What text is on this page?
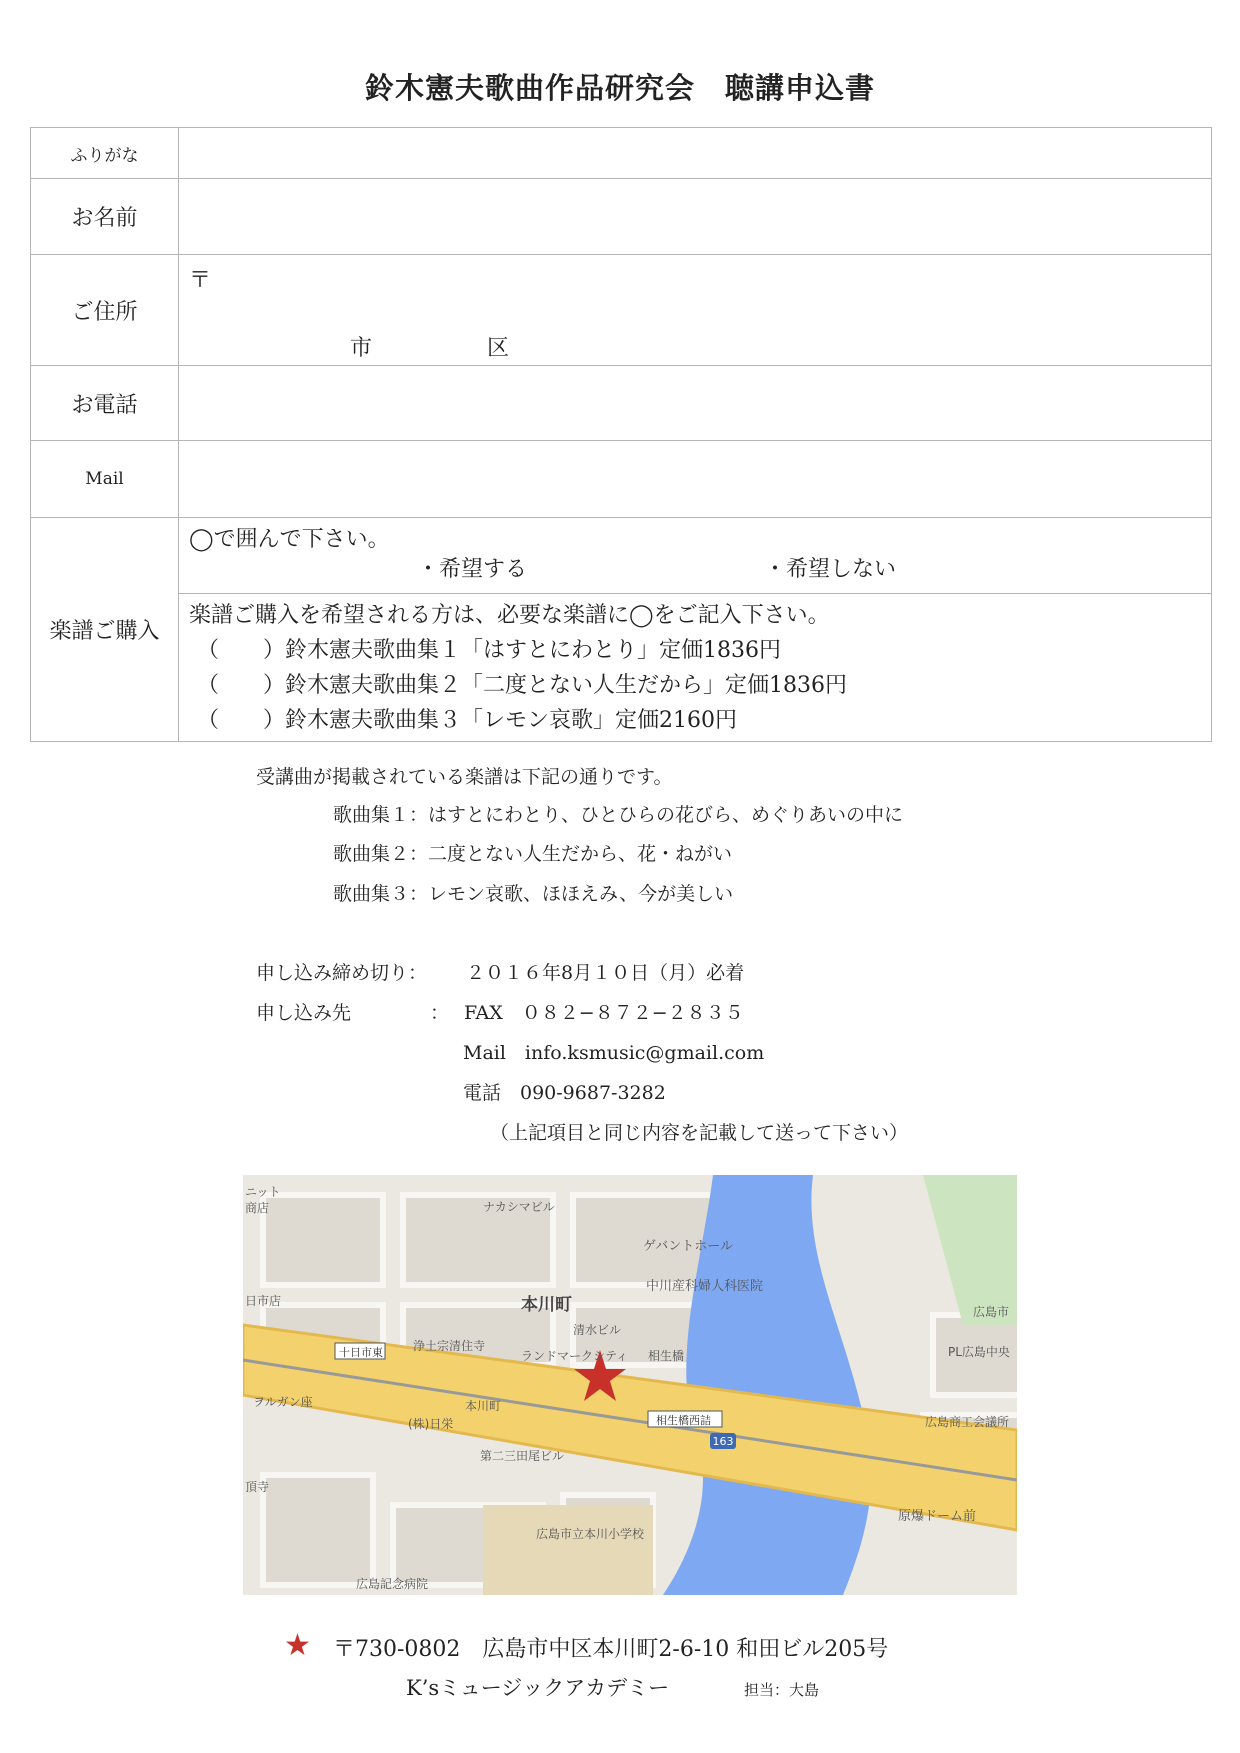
鈴木憲夫歌曲作品研究会　聴講申込書
ふりがな	
お名前	
ご住所	〒
市 区

お電話	
Mail	
楽譜ご購入	◯で囲んで下さい。
・希望する ・希望しない

	楽譜ご購入を希望される方は、必要な楽譜に◯をご記入下さい。
（　　）鈴木憲夫歌曲集１「はすとにわとり」定価1836円
（　　）鈴木憲夫歌曲集２「二度とない人生だから」定価1836円
（　　）鈴木憲夫歌曲集３「レモン哀歌」定価2160円
受講曲が掲載されている楽譜は下記の通りです。
歌曲集１：はすとにわとり、ひとひらの花びら、めぐりあいの中に
歌曲集２：二度とない人生だから、花・ねがい
歌曲集３：レモン哀歌、ほほえみ、今が美しい
申し込み締め切り： ２０１６年8月１０日（月）必着
申し込み先	： FAX　０８２−８７２−２８３５
Mail　info.ksmusic@gmail.com
電話　090-9687-3282
（上記項目と同じ内容を記載して送って下さい）
163
ニット
商店	ナカシマビル
ゲバントホール
中川産科婦人科医院
広島市
日市店	本川町
清水ビル
浄土宗清住寺
ランドマークシティ 相生橋	PL広島中央
十日市東
ヲルガン座	本川町
相生橋西詰
(株)日栄
第二三田尾ビル
広島商工会議所
頂寺
原爆ドーム前
広島市立本川小学校
広島記念病院
★ 〒730-0802　広島市中区本川町2-6-10 和田ビル205号
K’sミュージックアカデミー	担当：大島
